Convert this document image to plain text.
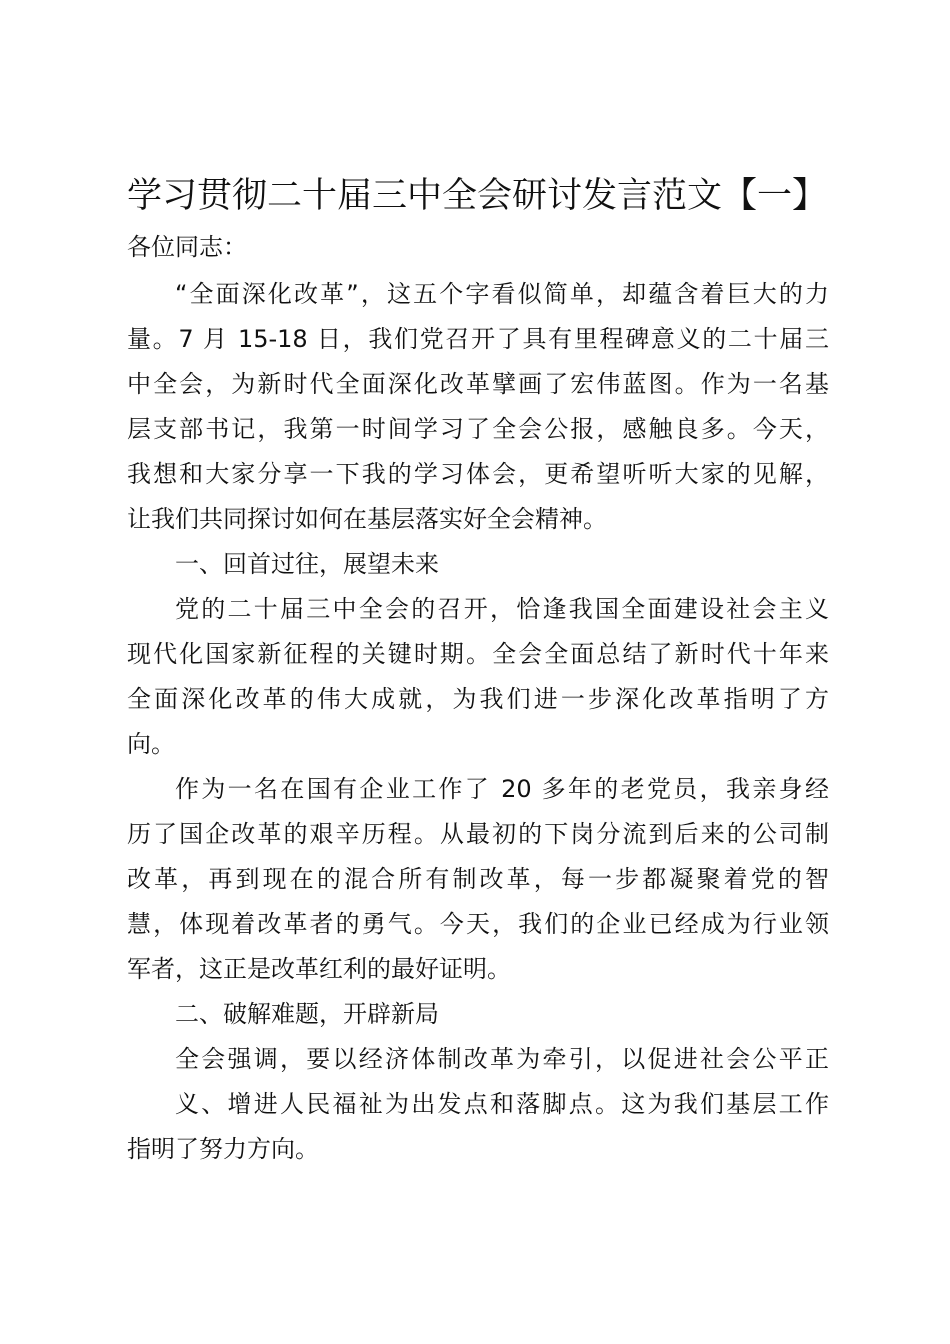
学习贯彻二十届三中全会研讨发言范文【一】

各位同志：

“全面深化改革”，这五个字看似简单，却蕴含着巨大的力

量。7 月 15-18 日，我们党召开了具有里程碑意义的二十届三

中全会，为新时代全面深化改革擘画了宏伟蓝图。作为一名基

层支部书记，我第一时间学习了全会公报，感触良多。今天，

我想和大家分享一下我的学习体会，更希望听听大家的见解，

让我们共同探讨如何在基层落实好全会精神。

一、回首过往，展望未来

党的二十届三中全会的召开，恰逢我国全面建设社会主义

现代化国家新征程的关键时期。全会全面总结了新时代十年来

全面深化改革的伟大成就，为我们进一步深化改革指明了方

向。

作为一名在国有企业工作了 20 多年的老党员，我亲身经

历了国企改革的艰辛历程。从最初的下岗分流到后来的公司制

改革，再到现在的混合所有制改革，每一步都凝聚着党的智

慧，体现着改革者的勇气。今天，我们的企业已经成为行业领

军者，这正是改革红利的最好证明。

二、破解难题，开辟新局

全会强调，要以经济体制改革为牵引，以促进社会公平正

义、增进人民福祉为出发点和落脚点。这为我们基层工作

指明了努力方向。
